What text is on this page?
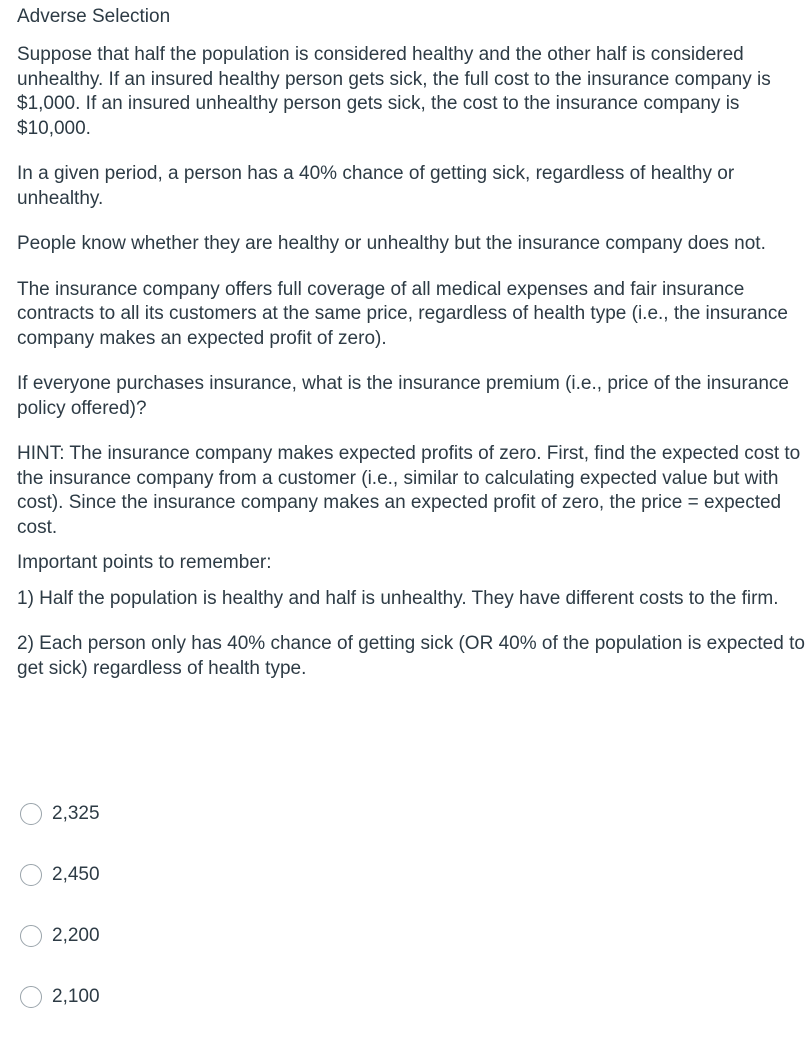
Adverse Selection

Suppose that half the population is considered healthy and the other half is considered unhealthy. If an insured healthy person gets sick, the full cost to the insurance company is $1,000. If an insured unhealthy person gets sick, the cost to the insurance company is $10,000.

In a given period, a person has a 40% chance of getting sick, regardless of healthy or unhealthy.

People know whether they are healthy or unhealthy but the insurance company does not.

The insurance company offers full coverage of all medical expenses and fair insurance contracts to all its customers at the same price, regardless of health type (i.e., the insurance company makes an expected profit of zero).

If everyone purchases insurance, what is the insurance premium (i.e., price of the insurance policy offered)?

HINT: The insurance company makes expected profits of zero. First, find the expected cost to the insurance company from a customer (i.e., similar to calculating expected value but with cost). Since the insurance company makes an expected profit of zero, the price = expected cost.

Important points to remember:

1) Half the population is healthy and half is unhealthy. They have different costs to the firm.

2) Each person only has 40% chance of getting sick (OR 40% of the population is expected to get sick) regardless of health type.

2,325
2,450
2,200
2,100
